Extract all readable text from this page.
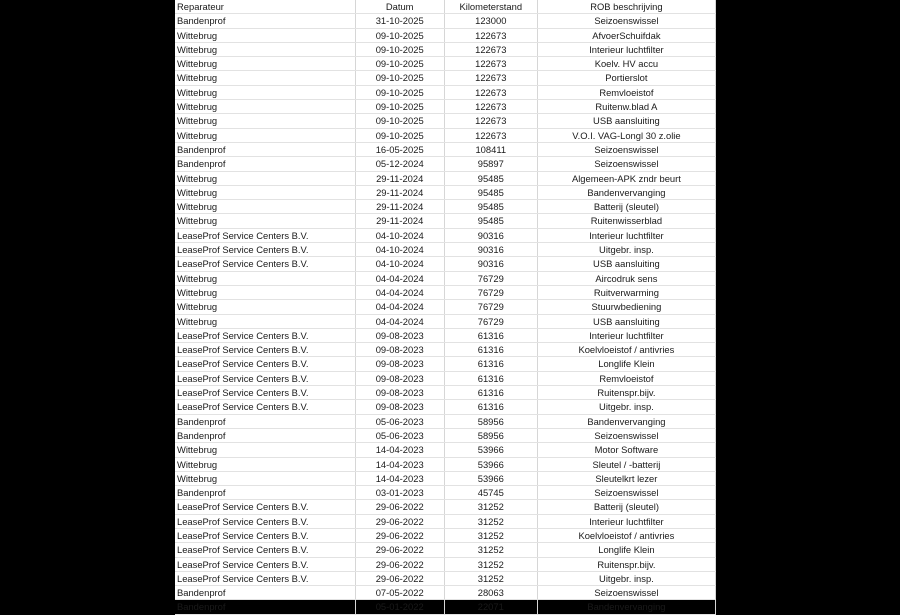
Reparateur	Datum	Kilometerstand	ROB beschrijving
Bandenprof	31-10-2025	123000	Seizoenswissel
Wittebrug	09-10-2025	122673	AfvoerSchuifdak
Wittebrug	09-10-2025	122673	Interieur luchtfilter
Wittebrug	09-10-2025	122673	Koelv. HV accu
Wittebrug	09-10-2025	122673	Portierslot
Wittebrug	09-10-2025	122673	Remvloeistof
Wittebrug	09-10-2025	122673	Ruitenw.blad A
Wittebrug	09-10-2025	122673	USB aansluiting
Wittebrug	09-10-2025	122673	V.O.I. VAG-Longl 30 z.olie
Bandenprof	16-05-2025	108411	Seizoenswissel
Bandenprof	05-12-2024	95897	Seizoenswissel
Wittebrug	29-11-2024	95485	Algemeen-APK zndr beurt
Wittebrug	29-11-2024	95485	Bandenvervanging
Wittebrug	29-11-2024	95485	Batterij (sleutel)
Wittebrug	29-11-2024	95485	Ruitenwisserblad
LeaseProf Service Centers B.V.	04-10-2024	90316	Interieur luchtfilter
LeaseProf Service Centers B.V.	04-10-2024	90316	Uitgebr. insp.
LeaseProf Service Centers B.V.	04-10-2024	90316	USB aansluiting
Wittebrug	04-04-2024	76729	Aircodruk sens
Wittebrug	04-04-2024	76729	Ruitverwarming
Wittebrug	04-04-2024	76729	Stuurwbediening
Wittebrug	04-04-2024	76729	USB aansluiting
LeaseProf Service Centers B.V.	09-08-2023	61316	Interieur luchtfilter
LeaseProf Service Centers B.V.	09-08-2023	61316	Koelvloeistof / antivries
LeaseProf Service Centers B.V.	09-08-2023	61316	Longlife Klein
LeaseProf Service Centers B.V.	09-08-2023	61316	Remvloeistof
LeaseProf Service Centers B.V.	09-08-2023	61316	Ruitenspr.bijv.
LeaseProf Service Centers B.V.	09-08-2023	61316	Uitgebr. insp.
Bandenprof	05-06-2023	58956	Bandenvervanging
Bandenprof	05-06-2023	58956	Seizoenswissel
Wittebrug	14-04-2023	53966	Motor Software
Wittebrug	14-04-2023	53966	Sleutel / -batterij
Wittebrug	14-04-2023	53966	Sleutelkrt lezer
Bandenprof	03-01-2023	45745	Seizoenswissel
LeaseProf Service Centers B.V.	29-06-2022	31252	Batterij (sleutel)
LeaseProf Service Centers B.V.	29-06-2022	31252	Interieur luchtfilter
LeaseProf Service Centers B.V.	29-06-2022	31252	Koelvloeistof / antivries
LeaseProf Service Centers B.V.	29-06-2022	31252	Longlife Klein
LeaseProf Service Centers B.V.	29-06-2022	31252	Ruitenspr.bijv.
LeaseProf Service Centers B.V.	29-06-2022	31252	Uitgebr. insp.
Bandenprof	07-05-2022	28063	Seizoenswissel
Bandenprof	05-01-2022	22071	Bandenvervanging
